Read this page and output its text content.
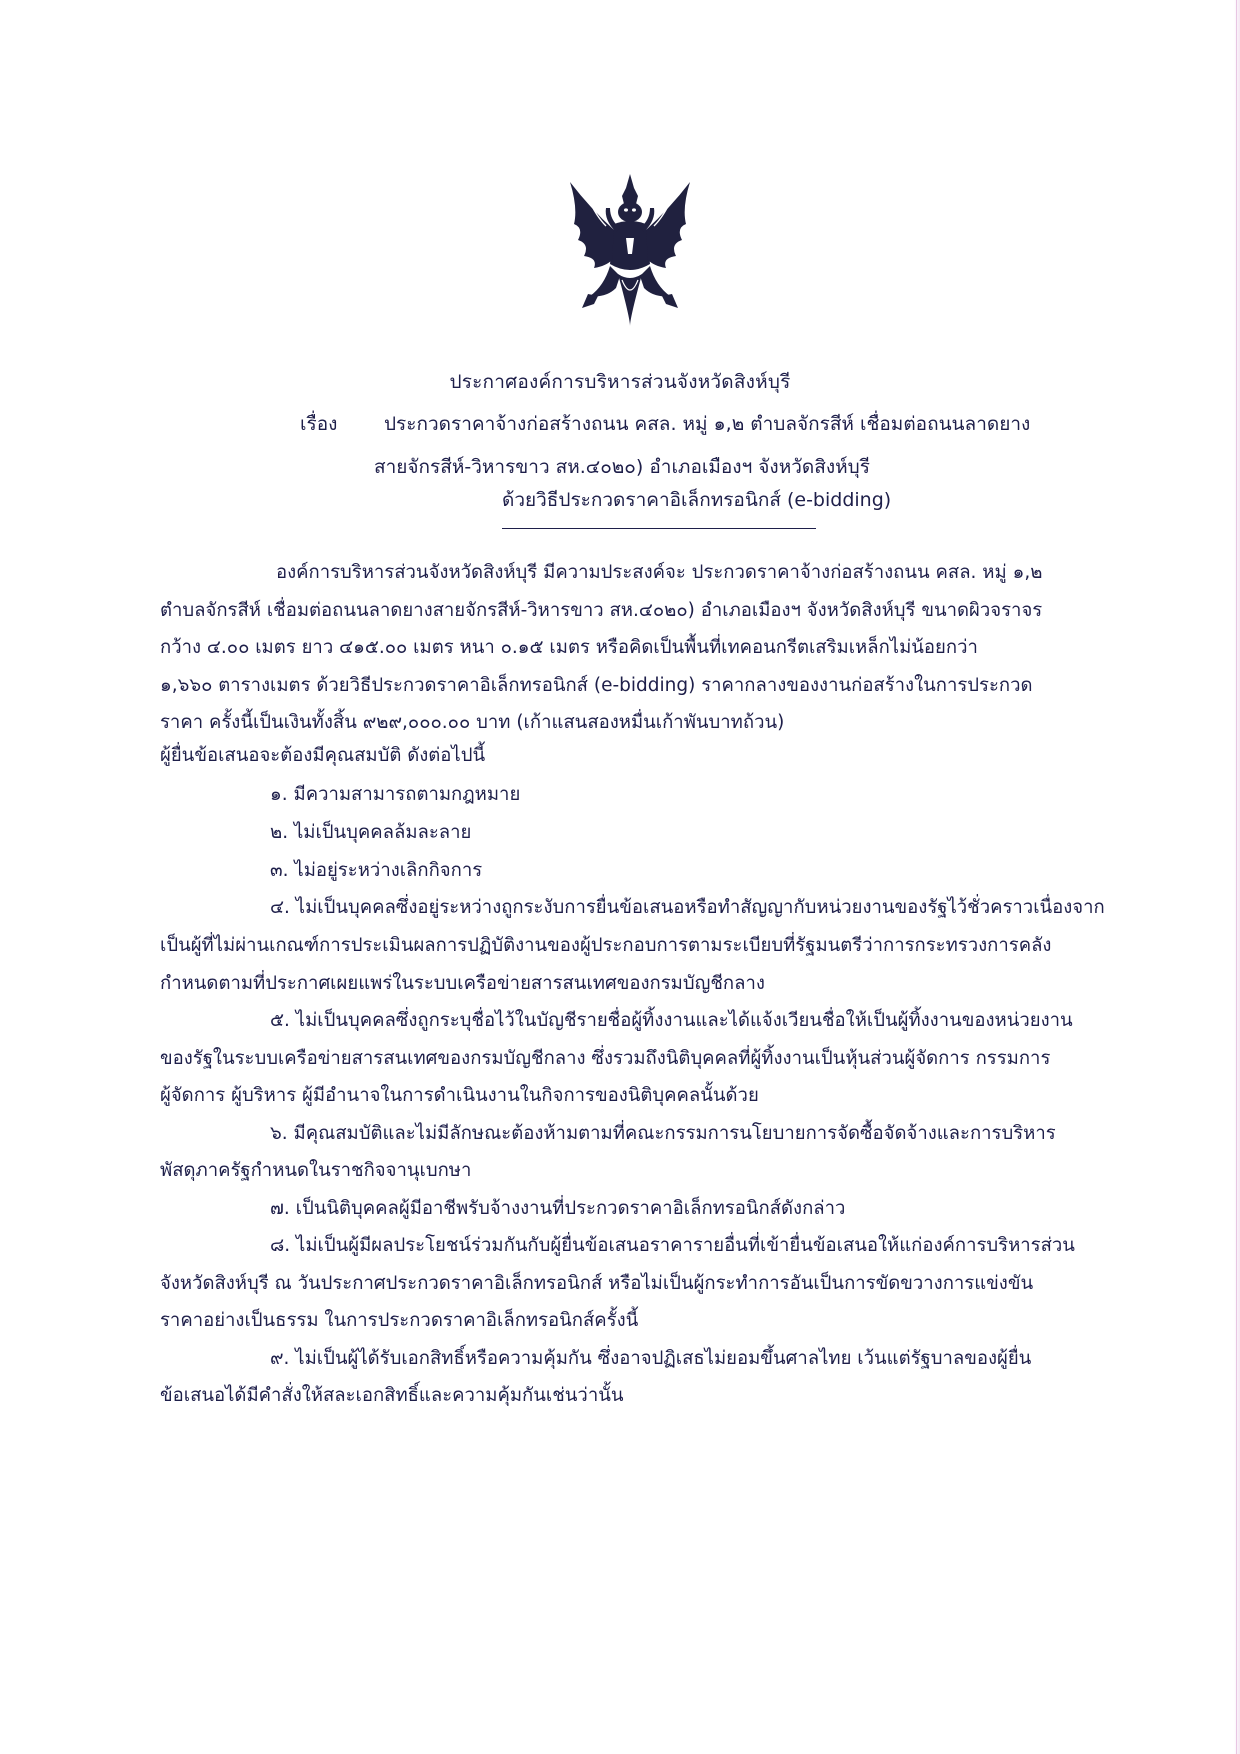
ประกาศองค์การบริหารส่วนจังหวัดสิงห์บุรี
เรื่อง ประกวดราคาจ้างก่อสร้างถนน คสล. หมู่ ๑,๒ ตำบลจักรสีห์ เชื่อมต่อถนนลาดยาง
สายจักรสีห์-วิหารขาว สห.๔๐๒๐) อำเภอเมืองฯ จังหวัดสิงห์บุรี
ด้วยวิธีประกวดราคาอิเล็กทรอนิกส์ (e-bidding)
องค์การบริหารส่วนจังหวัดสิงห์บุรี มีความประสงค์จะ ประกวดราคาจ้างก่อสร้างถนน คสล. หมู่ ๑,๒
ตำบลจักรสีห์ เชื่อมต่อถนนลาดยางสายจักรสีห์-วิหารขาว สห.๔๐๒๐) อำเภอเมืองฯ จังหวัดสิงห์บุรี ขนาดผิวจราจร
กว้าง ๔.๐๐ เมตร ยาว ๔๑๕.๐๐ เมตร หนา ๐.๑๕ เมตร หรือคิดเป็นพื้นที่เทคอนกรีตเสริมเหล็กไม่น้อยกว่า
๑,๖๖๐ ตารางเมตร ด้วยวิธีประกวดราคาอิเล็กทรอนิกส์ (e-bidding) ราคากลางของงานก่อสร้างในการประกวด
ราคา ครั้งนี้เป็นเงินทั้งสิ้น ๙๒๙,๐๐๐.๐๐ บาท (เก้าแสนสองหมื่นเก้าพันบาทถ้วน)
ผู้ยื่นข้อเสนอจะต้องมีคุณสมบัติ ดังต่อไปนี้
๑. มีความสามารถตามกฎหมาย
๒. ไม่เป็นบุคคลล้มละลาย
๓. ไม่อยู่ระหว่างเลิกกิจการ
๔. ไม่เป็นบุคคลซึ่งอยู่ระหว่างถูกระงับการยื่นข้อเสนอหรือทำสัญญากับหน่วยงานของรัฐไว้ชั่วคราวเนื่องจาก
เป็นผู้ที่ไม่ผ่านเกณฑ์การประเมินผลการปฏิบัติงานของผู้ประกอบการตามระเบียบที่รัฐมนตรีว่าการกระทรวงการคลัง
กำหนดตามที่ประกาศเผยแพร่ในระบบเครือข่ายสารสนเทศของกรมบัญชีกลาง
๕. ไม่เป็นบุคคลซึ่งถูกระบุชื่อไว้ในบัญชีรายชื่อผู้ทิ้งงานและได้แจ้งเวียนชื่อให้เป็นผู้ทิ้งงานของหน่วยงาน
ของรัฐในระบบเครือข่ายสารสนเทศของกรมบัญชีกลาง ซึ่งรวมถึงนิติบุคคลที่ผู้ทิ้งงานเป็นหุ้นส่วนผู้จัดการ กรรมการ
ผู้จัดการ ผู้บริหาร ผู้มีอำนาจในการดำเนินงานในกิจการของนิติบุคคลนั้นด้วย
๖. มีคุณสมบัติและไม่มีลักษณะต้องห้ามตามที่คณะกรรมการนโยบายการจัดซื้อจัดจ้างและการบริหาร
พัสดุภาครัฐกำหนดในราชกิจจานุเบกษา
๗. เป็นนิติบุคคลผู้มีอาชีพรับจ้างงานที่ประกวดราคาอิเล็กทรอนิกส์ดังกล่าว
๘. ไม่เป็นผู้มีผลประโยชน์ร่วมกันกับผู้ยื่นข้อเสนอราคารายอื่นที่เข้ายื่นข้อเสนอให้แก่องค์การบริหารส่วน
จังหวัดสิงห์บุรี ณ วันประกาศประกวดราคาอิเล็กทรอนิกส์ หรือไม่เป็นผู้กระทำการอันเป็นการขัดขวางการแข่งขัน
ราคาอย่างเป็นธรรม ในการประกวดราคาอิเล็กทรอนิกส์ครั้งนี้
๙. ไม่เป็นผู้ได้รับเอกสิทธิ์หรือความคุ้มกัน ซึ่งอาจปฏิเสธไม่ยอมขึ้นศาลไทย เว้นแต่รัฐบาลของผู้ยื่น
ข้อเสนอได้มีคำสั่งให้สละเอกสิทธิ์และความคุ้มกันเช่นว่านั้น
